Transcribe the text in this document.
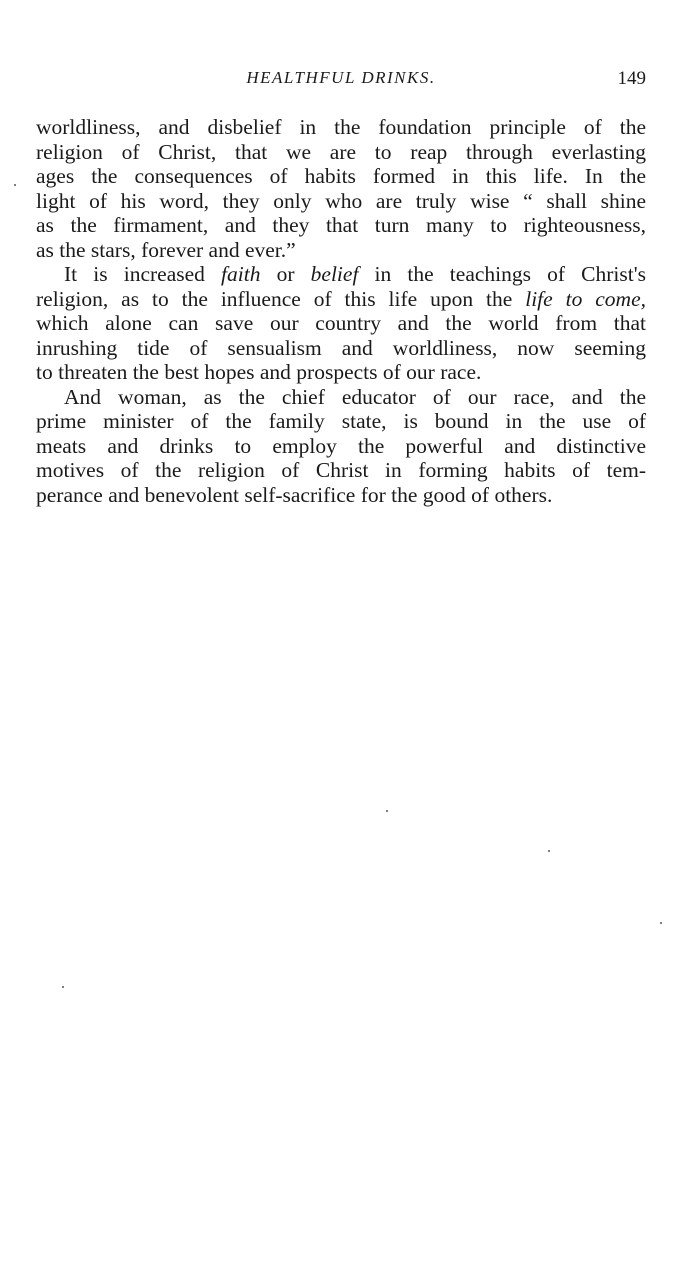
HEALTHFUL DRINKS.	149
worldliness, and disbelief in the foundation principle of the
religion of Christ, that we are to reap through everlasting
ages the consequences of habits formed in this life. In the
light of his word, they only who are truly wise “ shall shine
as the firmament, and they that turn many to righteousness,
as the stars, forever and ever.”
It is increased faith or belief in the teachings of Christ's
religion, as to the influence of this life upon the life to come,
which alone can save our country and the world from that
inrushing tide of sensualism and worldliness, now seeming
to threaten the best hopes and prospects of our race.
And woman, as the chief educator of our race, and the
prime minister of the family state, is bound in the use of
meats and drinks to employ the powerful and distinctive
motives of the religion of Christ in forming habits of tem-
perance and benevolent self-sacrifice for the good of others.
